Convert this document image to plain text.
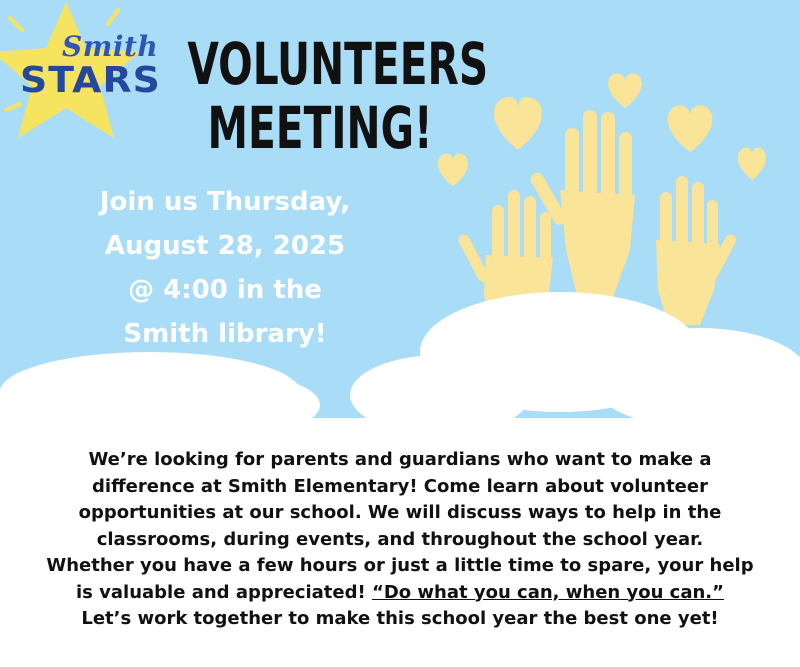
Smith
STARS VOLUNTEERS
MEETING!
Join us Thursday,
August 28, 2025
@ 4:00 in the
Smith library!
We’re looking for parents and guardians who want to make a
difference at Smith Elementary! Come learn about volunteer
opportunities at our school. We will discuss ways to help in the
classrooms, during events, and throughout the school year.
Whether you have a few hours or just a little time to spare, your help
is valuable and appreciated! “Do what you can, when you can.”
Let’s work together to make this school year the best one yet!
